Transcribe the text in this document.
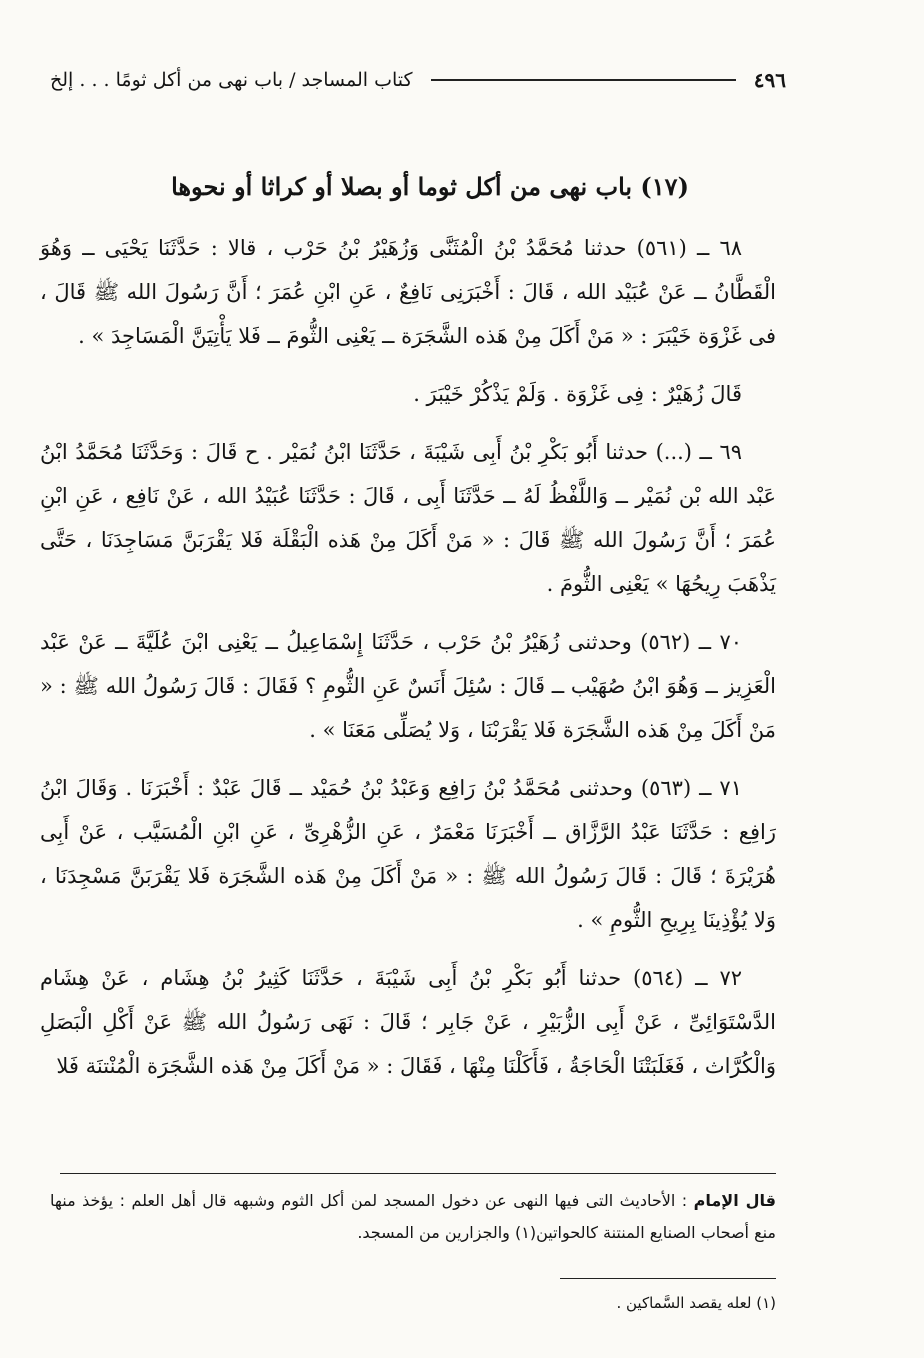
٤٩٦
كتاب المساجد / باب نهى من أكل ثومًا . . . إلخ
(١٧) باب نهى من أكل ثوما أو بصلا أو كراثا أو نحوها

٦٨ ــ (٥٦١) حدثنا مُحَمَّدُ بْنُ الْمُثَنَّى وَزُهَيْرُ بْنُ حَرْب ، قالا : حَدَّثَنَا يَحْيَى ــ وَهُوَ الْقَطَّانُ ــ عَنْ عُبَيْد الله ، قَالَ : أَخْبَرَنِى نَافِعٌ ، عَنِ ابْنِ عُمَرَ ؛ أَنَّ رَسُولَ الله ﷺ قَالَ ، فى غَزْوَة خَيْبَرَ : « مَنْ أَكَلَ مِنْ هَذه الشَّجَرَة ــ يَعْنِى الثُّومَ ــ فَلا يَأْتِيَنَّ الْمَسَاجِدَ » .

قَالَ زُهَيْرٌ : فِى غَزْوَة . وَلَمْ يَذْكُرْ خَيْبَرَ .

٦٩ ــ (...) حدثنا أَبُو بَكْرِ بْنُ أَبِى شَيْبَةَ ، حَدَّثَنَا ابْنُ نُمَيْر . ح قَالَ : وَحَدَّثَنَا مُحَمَّدُ ابْنُ عَبْد الله بْن نُمَيْر ــ وَاللَّفْظُ لَهُ ــ حَدَّثَنَا أَبِى ، قَالَ : حَدَّثَنَا عُبَيْدُ الله ، عَنْ نَافِع ، عَنِ ابْنِ عُمَرَ ؛ أَنَّ رَسُولَ الله ﷺ قَالَ : « مَنْ أَكَلَ مِنْ هَذه الْبَقْلَة فَلا يَقْرَبَنَّ مَسَاجِدَنَا ، حَتَّى يَذْهَبَ رِيحُهَا » يَعْنِى الثُّومَ .

٧٠ ــ (٥٦٢) وحدثنى زُهَيْرُ بْنُ حَرْب ، حَدَّثَنَا إِسْمَاعِيلُ ــ يَعْنِى ابْنَ عُلَيَّةَ ــ عَنْ عَبْد الْعَزِيز ــ وَهُوَ ابْنُ صُهَيْب ــ قَالَ : سُئِلَ أَنَسٌ عَنِ الثُّومِ ؟ فَقَالَ : قَالَ رَسُولُ الله ﷺ : « مَنْ أَكَلَ مِنْ هَذه الشَّجَرَة فَلا يَقْرَبْنَا ، وَلا يُصَلِّى مَعَنَا » .

٧١ ــ (٥٦٣) وحدثنى مُحَمَّدُ بْنُ رَافِع وَعَبْدُ بْنُ حُمَيْد ــ قَالَ عَبْدٌ : أَخْبَرَنَا . وَقَالَ ابْنُ رَافِع : حَدَّثَنَا عَبْدُ الرَّزَّاق ــ أَخْبَرَنَا مَعْمَرٌ ، عَنِ الزُّهْرِىِّ ، عَنِ ابْنِ الْمُسَيَّب ، عَنْ أَبِى هُرَيْرَةَ ؛ قَالَ : قَالَ رَسُولُ الله ﷺ : « مَنْ أَكَلَ مِنْ هَذه الشَّجَرَة فَلا يَقْرَبَنَّ مَسْجِدَنَا ، وَلا يُؤْذِينَا بِرِيحِ الثُّومِ » .

٧٢ ــ (٥٦٤) حدثنا أَبُو بَكْرِ بْنُ أَبِى شَيْبَةَ ، حَدَّثَنَا كَثِيرُ بْنُ هِشَام ، عَنْ هِشَام الدَّسْتَوَائِىِّ ، عَنْ أَبِى الزُّبَيْرِ ، عَنْ جَابِر ؛ قَالَ : نَهَى رَسُولُ الله ﷺ عَنْ أَكْلِ الْبَصَلِ وَالْكُرَّاث ، فَغَلَبَتْنَا الْحَاجَةُ ، فَأَكَلْنَا مِنْهَا ، فَقَالَ : « مَنْ أَكَلَ مِنْ هَذه الشَّجَرَة الْمُنْتنَة فَلا

قال الإمام : الأحاديث التى فيها النهى عن دخول المسجد لمن أكل الثوم وشبهه قال أهل العلم : يؤخذ منها منع أصحاب الصنايع المنتنة كالحواتين(١) والجزارين من المسجد.
(١) لعله يقصد السَّماكين .
